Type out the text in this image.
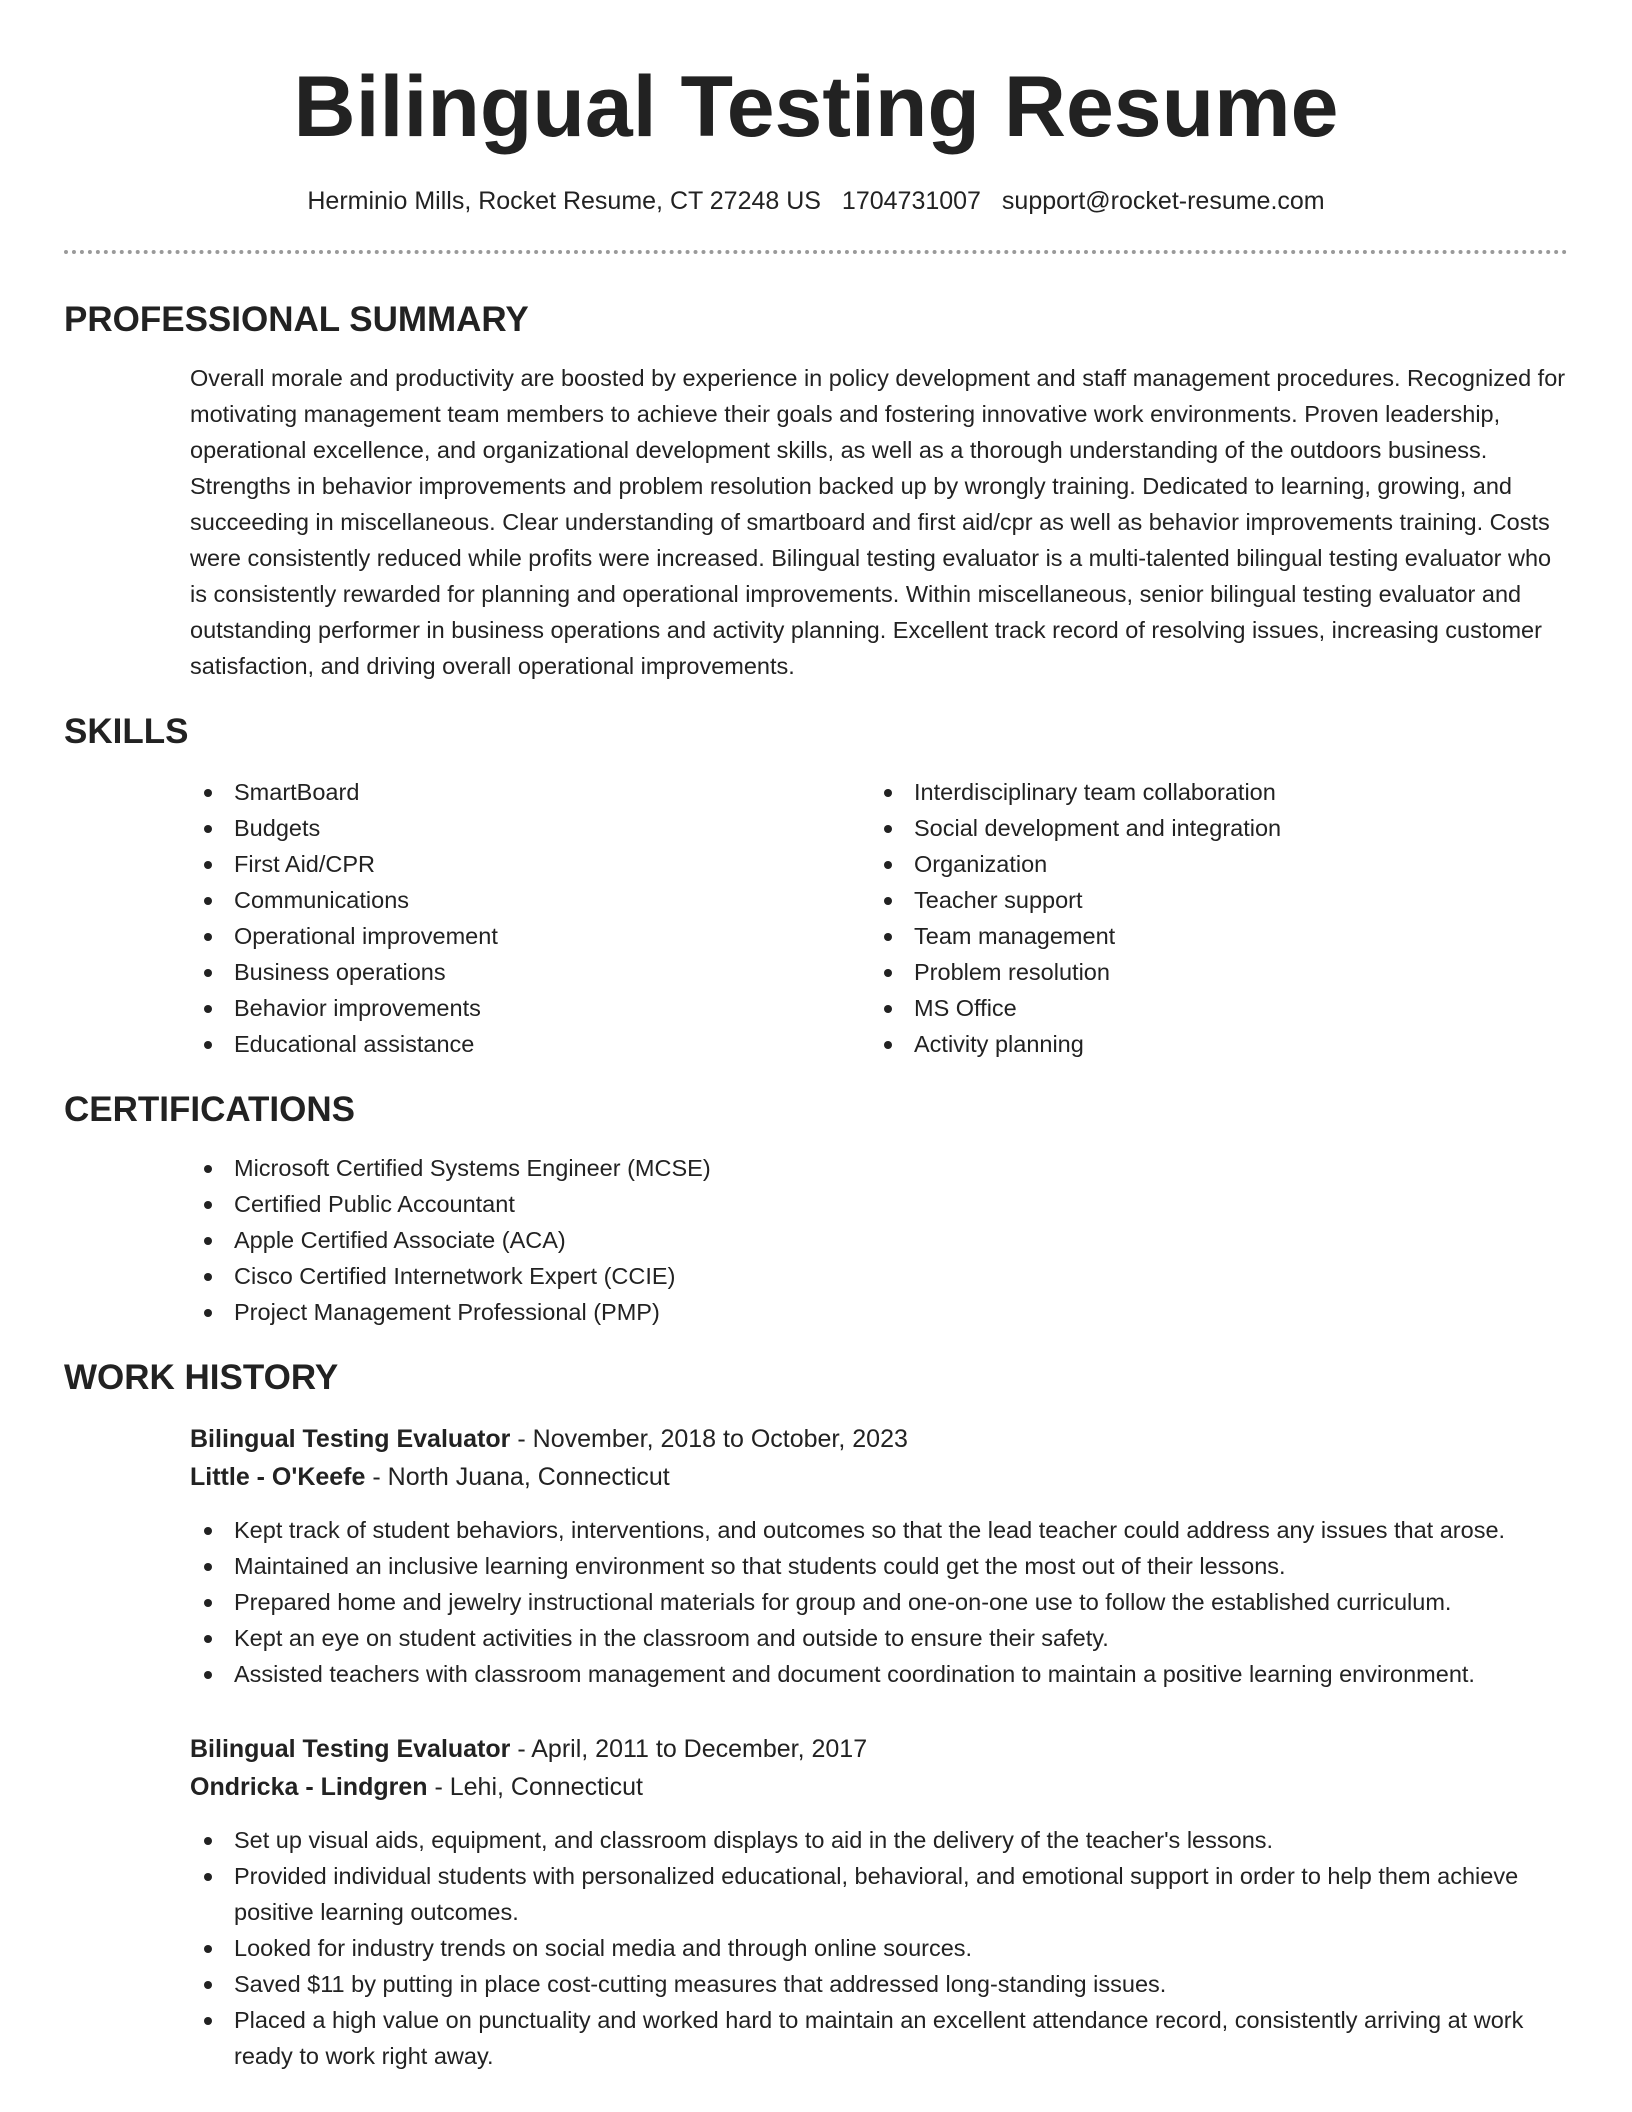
Bilingual Testing Resume
Herminio Mills, Rocket Resume, CT 27248 US 1704731007 support@rocket-resume.com
PROFESSIONAL SUMMARY

Overall morale and productivity are boosted by experience in policy development and staff management procedures. Recognized for motivating management team members to achieve their goals and fostering innovative work environments. Proven leadership, operational excellence, and organizational development skills, as well as a thorough understanding of the outdoors business. Strengths in behavior improvements and problem resolution backed up by wrongly training. Dedicated to learning, growing, and succeeding in miscellaneous. Clear understanding of smartboard and first aid/cpr as well as behavior improvements training. Costs were consistently reduced while profits were increased. Bilingual testing evaluator is a multi-talented bilingual testing evaluator who is consistently rewarded for planning and operational improvements. Within miscellaneous, senior bilingual testing evaluator and outstanding performer in business operations and activity planning. Excellent track record of resolving issues, increasing customer satisfaction, and driving overall operational improvements.

SKILLS
SmartBoard
Budgets
First Aid/CPR
Communications
Operational improvement
Business operations
Behavior improvements
Educational assistance
Interdisciplinary team collaboration
Social development and integration
Organization
Teacher support
Team management
Problem resolution
MS Office
Activity planning
CERTIFICATIONS
Microsoft Certified Systems Engineer (MCSE)
Certified Public Accountant
Apple Certified Associate (ACA)
Cisco Certified Internetwork Expert (CCIE)
Project Management Professional (PMP)
WORK HISTORY
Bilingual Testing Evaluator - November, 2018 to October, 2023
Little - O'Keefe - North Juana, Connecticut
Kept track of student behaviors, interventions, and outcomes so that the lead teacher could address any issues that arose.
Maintained an inclusive learning environment so that students could get the most out of their lessons.
Prepared home and jewelry instructional materials for group and one-on-one use to follow the established curriculum.
Kept an eye on student activities in the classroom and outside to ensure their safety.
Assisted teachers with classroom management and document coordination to maintain a positive learning environment.
Bilingual Testing Evaluator - April, 2011 to December, 2017
Ondricka - Lindgren - Lehi, Connecticut
Set up visual aids, equipment, and classroom displays to aid in the delivery of the teacher's lessons.
Provided individual students with personalized educational, behavioral, and emotional support in order to help them achieve positive learning outcomes.
Looked for industry trends on social media and through online sources.
Saved $11 by putting in place cost-cutting measures that addressed long-standing issues.
Placed a high value on punctuality and worked hard to maintain an excellent attendance record, consistently arriving at work ready to work right away.
